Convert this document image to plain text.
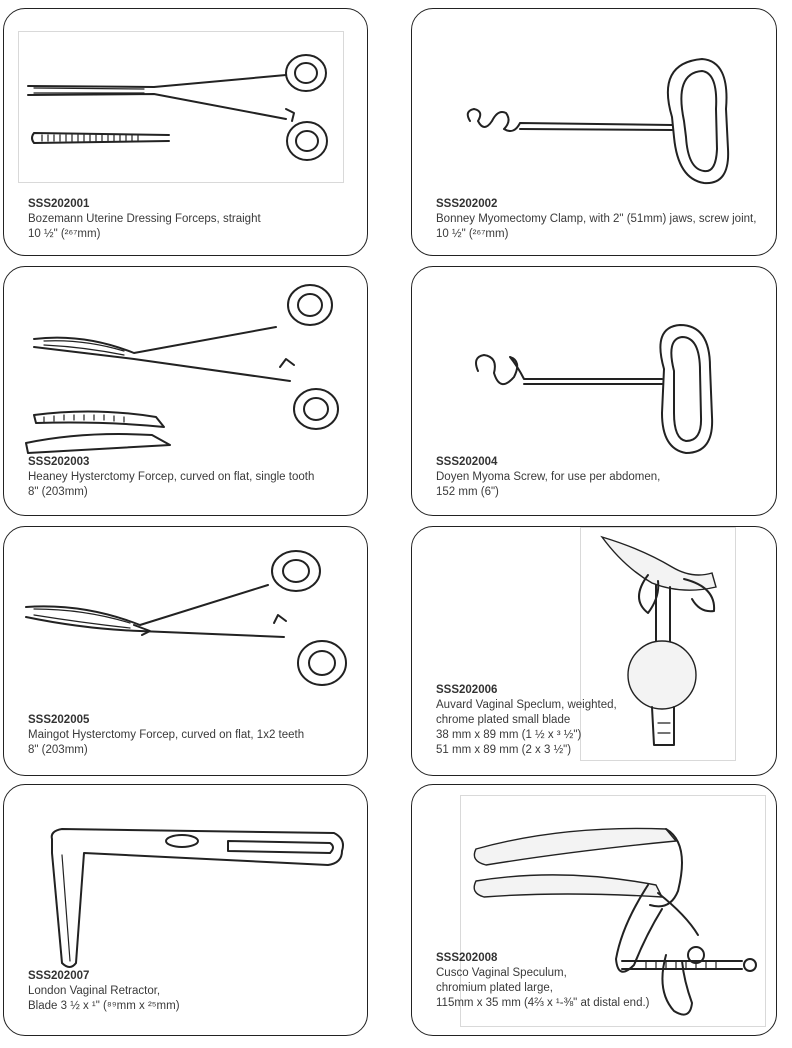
SSS202001
Bozemann Uterine Dressing Forceps, straight
10 ½" (²⁶⁷mm)
SSS202002
Bonney Myomectomy Clamp, with 2" (51mm) jaws, screw joint,
10 ½" (²⁶⁷mm)
SSS202003
Heaney Hysterctomy Forcep, curved on flat, single tooth
8" (203mm)
SSS202004
Doyen Myoma Screw, for use per abdomen,
152 mm (6")
SSS202005
Maingot Hysterctomy Forcep, curved on flat, 1x2 teeth
8" (203mm)
SSS202006
Auvard Vaginal Speclum, weighted,
chrome plated small blade
38 mm x 89 mm (1 ½ x ³ ½")
51 mm x 89 mm (2 x 3 ½")
SSS202007
London Vaginal Retractor,
Blade 3 ½ x ¹" (⁸⁹mm x ²⁵mm)
SSS202008
Cusco Vaginal Speculum,
chromium plated large,
115mm x 35 mm (4⅔ x ¹-⅜" at distal end.)
